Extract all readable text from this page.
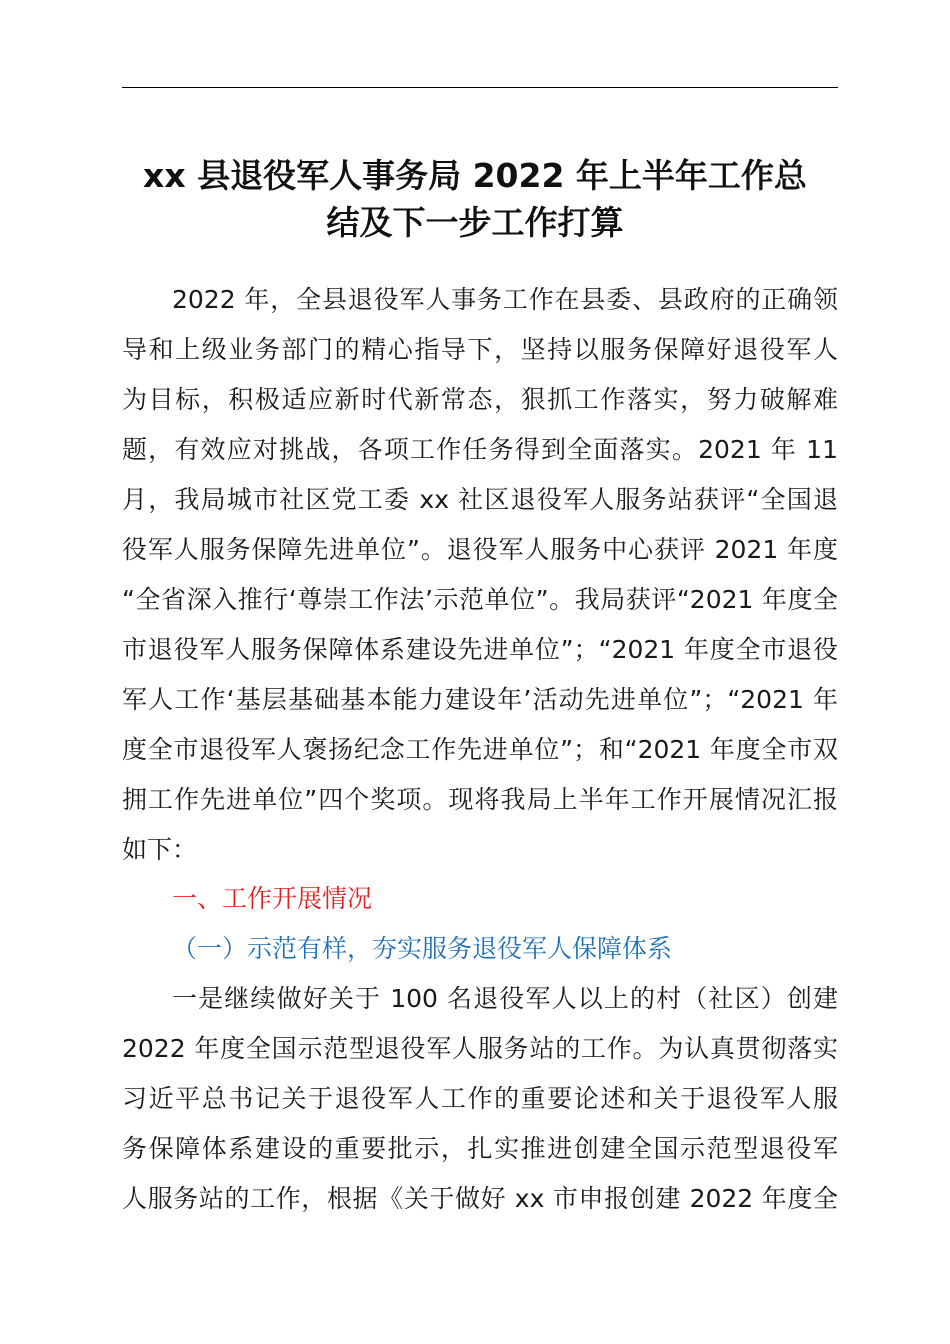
xx 县退役军人事务局 2022 年上半年工作总
结及下一步工作打算
2022 年，全县退役军人事务工作在县委、县政府的正确领
导和上级业务部门的精心指导下，坚持以服务保障好退役军人
为目标，积极适应新时代新常态，狠抓工作落实，努力破解难
题，有效应对挑战，各项工作任务得到全面落实。2021 年 11
月，我局城市社区党工委 xx 社区退役军人服务站获评“全国退
役军人服务保障先进单位”。退役军人服务中心获评 2021 年度
“全省深入推行‘尊崇工作法’示范单位”。我局获评“2021 年度全
市退役军人服务保障体系建设先进单位”；“2021 年度全市退役
军人工作‘基层基础基本能力建设年’活动先进单位”；“2021 年
度全市退役军人褒扬纪念工作先进单位”；和“2021 年度全市双
拥工作先进单位”四个奖项。现将我局上半年工作开展情况汇报
如下：
一、工作开展情况
（一）示范有样，夯实服务退役军人保障体系
一是继续做好关于 100 名退役军人以上的村（社区）创建
2022 年度全国示范型退役军人服务站的工作。为认真贯彻落实
习近平总书记关于退役军人工作的重要论述和关于退役军人服
务保障体系建设的重要批示，扎实推进创建全国示范型退役军
人服务站的工作，根据《关于做好 xx 市申报创建 2022 年度全
